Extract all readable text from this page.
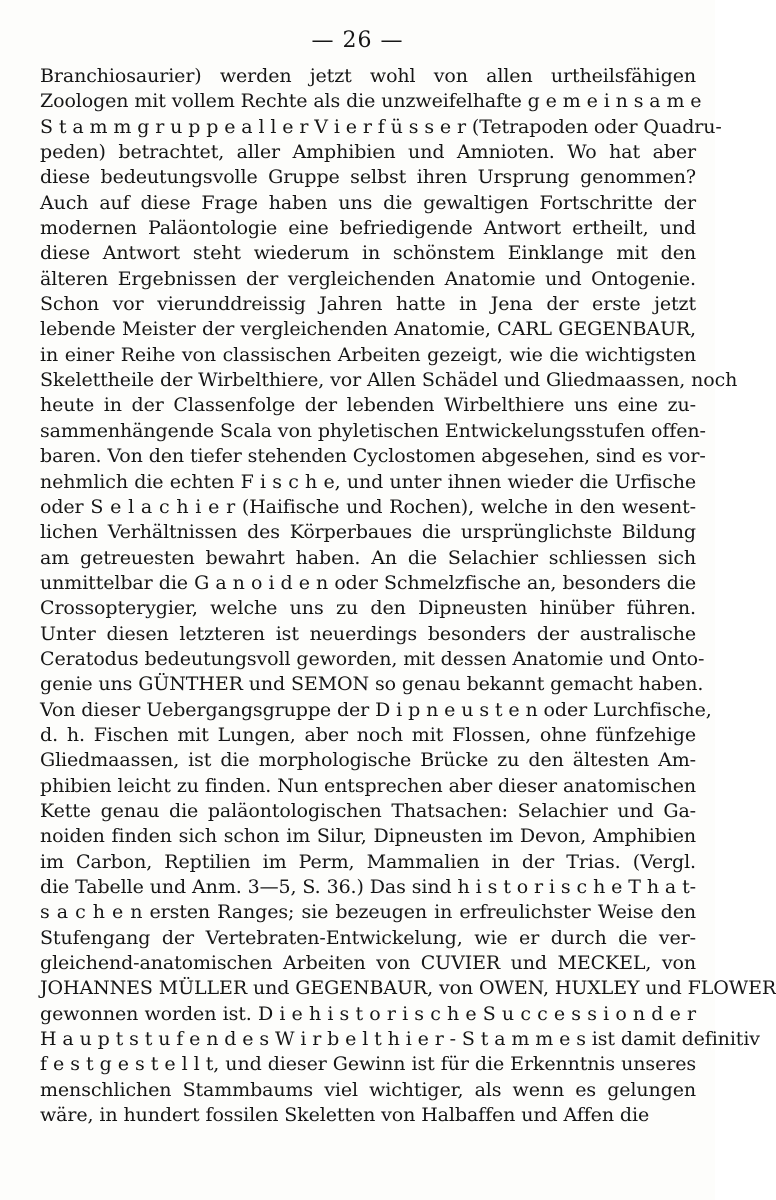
— 26 —
Branchiosaurier) werden jetzt wohl von allen urtheilsfähigen
Zoologen mit vollem Rechte als die unzweifelhafte g e m e i n s a m e
S t a m m g r u p p e a l l e r V i e r f ü s s e r (Tetrapoden oder Quadru-
peden) betrachtet, aller Amphibien und Amnioten. Wo hat aber
diese bedeutungsvolle Gruppe selbst ihren Ursprung genommen?
Auch auf diese Frage haben uns die gewaltigen Fortschritte der
modernen Paläontologie eine befriedigende Antwort ertheilt, und
diese Antwort steht wiederum in schönstem Einklange mit den
älteren Ergebnissen der vergleichenden Anatomie und Ontogenie.
Schon vor vierunddreissig Jahren hatte in Jena der erste jetzt
lebende Meister der vergleichenden Anatomie, CARL GEGENBAUR,
in einer Reihe von classischen Arbeiten gezeigt, wie die wichtigsten
Skelettheile der Wirbelthiere, vor Allen Schädel und Gliedmaassen, noch
heute in der Classenfolge der lebenden Wirbelthiere uns eine zu-
sammenhängende Scala von phyletischen Entwickelungsstufen offen-
baren. Von den tiefer stehenden Cyclostomen abgesehen, sind es vor-
nehmlich die echten F i s c h e, und unter ihnen wieder die Urfische
oder S e l a c h i e r (Haifische und Rochen), welche in den wesent-
lichen Verhältnissen des Körperbaues die ursprünglichste Bildung
am getreuesten bewahrt haben. An die Selachier schliessen sich
unmittelbar die G a n o i d e n oder Schmelzfische an, besonders die
Crossopterygier, welche uns zu den Dipneusten hinüber führen.
Unter diesen letzteren ist neuerdings besonders der australische
Ceratodus bedeutungsvoll geworden, mit dessen Anatomie und Onto-
genie uns GÜNTHER und SEMON so genau bekannt gemacht haben.
Von dieser Uebergangsgruppe der D i p n e u s t e n oder Lurchfische,
d. h. Fischen mit Lungen, aber noch mit Flossen, ohne fünfzehige
Gliedmaassen, ist die morphologische Brücke zu den ältesten Am-
phibien leicht zu finden. Nun entsprechen aber dieser anatomischen
Kette genau die paläontologischen Thatsachen: Selachier und Ga-
noiden finden sich schon im Silur, Dipneusten im Devon, Amphibien
im Carbon, Reptilien im Perm, Mammalien in der Trias. (Vergl.
die Tabelle und Anm. 3—5, S. 36.) Das sind h i s t o r i s c h e T h a t-
s a c h e n ersten Ranges; sie bezeugen in erfreulichster Weise den
Stufengang der Vertebraten-Entwickelung, wie er durch die ver-
gleichend-anatomischen Arbeiten von CUVIER und MECKEL, von
JOHANNES MÜLLER und GEGENBAUR, von OWEN, HUXLEY und FLOWER
gewonnen worden ist. D i e h i s t o r i s c h e S u c c e s s i o n d e r
H a u p t s t u f e n d e s W i r b e l t h i e r - S t a m m e s ist damit definitiv
f e s t g e s t e l l t, und dieser Gewinn ist für die Erkenntnis unseres
menschlichen Stammbaums viel wichtiger, als wenn es gelungen
wäre, in hundert fossilen Skeletten von Halbaffen und Affen die
